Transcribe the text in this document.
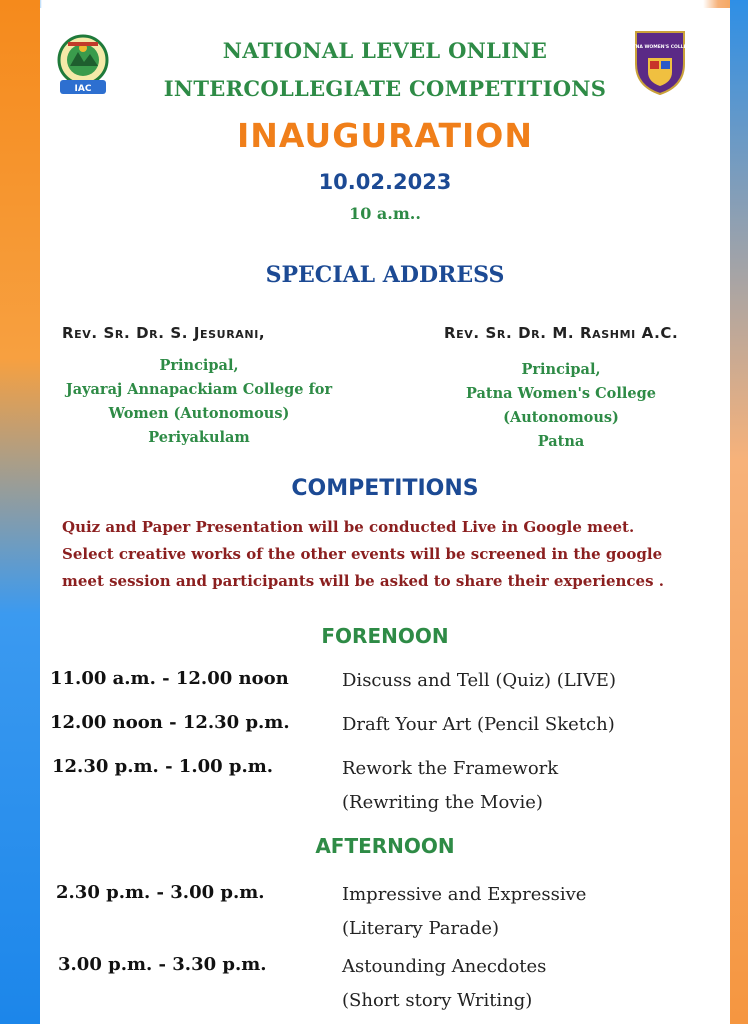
IAC
PATNA WOMEN'S COLLEGE
NATIONAL LEVEL ONLINE
INTERCOLLEGIATE COMPETITIONS
INAUGURATION
10.02.2023
10 a.m..
SPECIAL ADDRESS
Rev. Sr. Dr. S. Jesurani,
Principal,
Jayaraj Annapackiam College for
Women (Autonomous)
Periyakulam
Rev. Sr. Dr. M. Rashmi A.C.
Principal,
Patna Women's College
(Autonomous)
Patna
COMPETITIONS
Quiz and Paper Presentation will be conducted Live in Google meet.
Select creative works of the other events will be screened in the google
meet session and participants will be asked to share their experiences .
FORENOON
11.00 a.m. - 12.00 noon	Discuss and Tell (Quiz) (LIVE)
12.00 noon - 12.30 p.m.	Draft Your Art (Pencil Sketch)
12.30 p.m. - 1.00 p.m.	Rework the Framework
(Rewriting the Movie)
AFTERNOON
2.30 p.m. - 3.00 p.m.	Impressive and Expressive
(Literary Parade)
3.00 p.m. - 3.30 p.m.	Astounding Anecdotes
(Short story Writing)
